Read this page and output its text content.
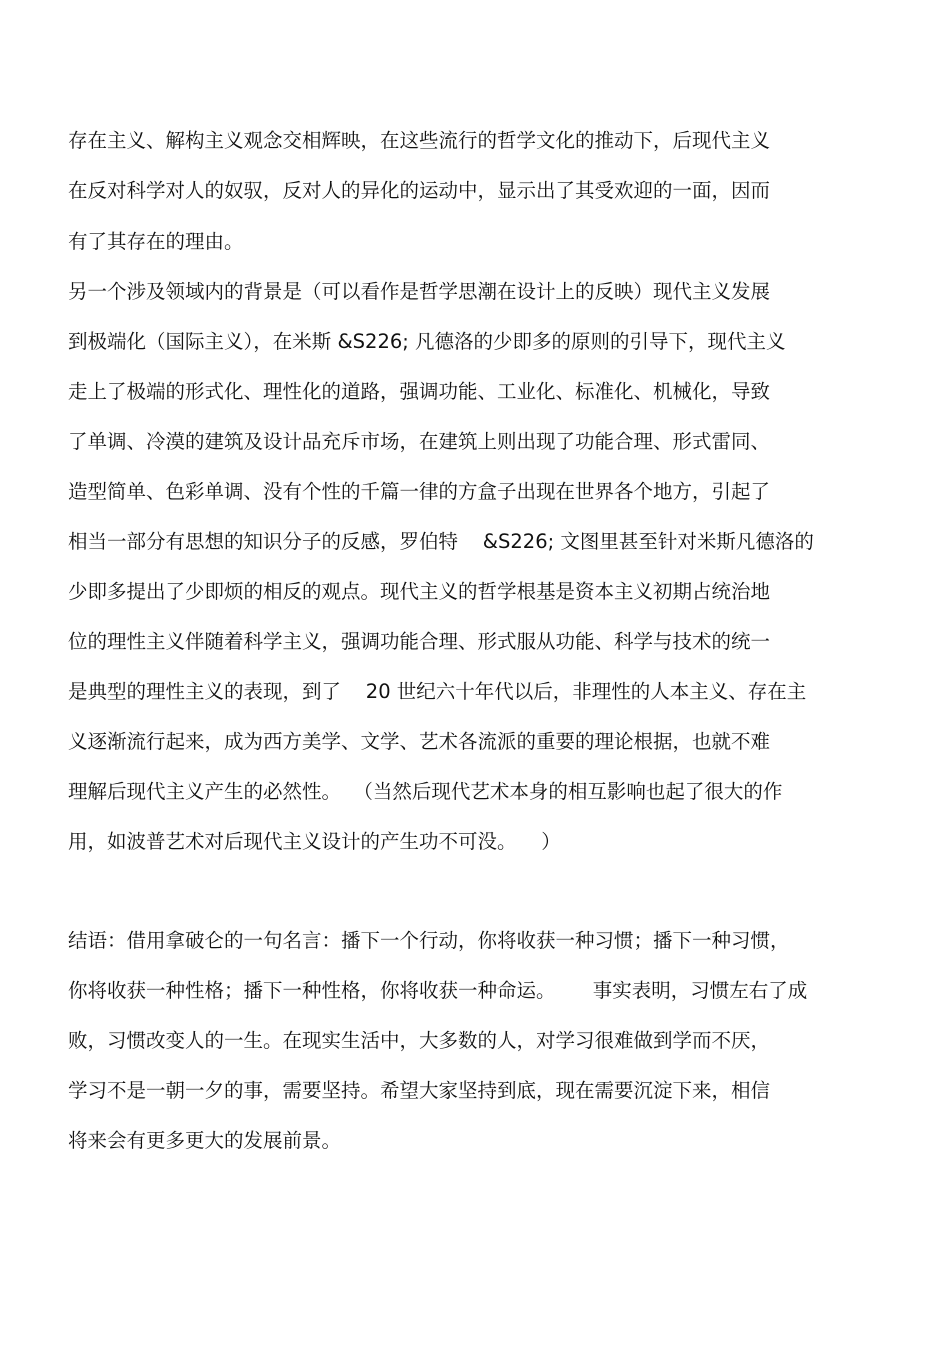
存在主义、解构主义观念交相辉映，在这些流行的哲学文化的推动下，后现代主义
在反对科学对人的奴驭，反对人的异化的运动中，显示出了其受欢迎的一面，因而
有了其存在的理由。
另一个涉及领域内的背景是（可以看作是哲学思潮在设计上的反映）现代主义发展
到极端化（国际主义），在米斯 &S226; 凡德洛的少即多的原则的引导下，现代主义
走上了极端的形式化、理性化的道路，强调功能、工业化、标准化、机械化，导致
了单调、冷漠的建筑及设计品充斥市场，在建筑上则出现了功能合理、形式雷同、
造型简单、色彩单调、没有个性的千篇一律的方盒子出现在世界各个地方，引起了
相当一部分有思想的知识分子的反感，罗伯特    &S226; 文图里甚至针对米斯凡德洛的
少即多提出了少即烦的相反的观点。现代主义的哲学根基是资本主义初期占统治地
位的理性主义伴随着科学主义，强调功能合理、形式服从功能、科学与技术的统一
是典型的理性主义的表现，到了    20 世纪六十年代以后，非理性的人本主义、存在主
义逐渐流行起来，成为西方美学、文学、艺术各流派的重要的理论根据，也就不难
理解后现代主义产生的必然性。  （当然后现代艺术本身的相互影响也起了很大的作
用，如波普艺术对后现代主义设计的产生功不可没。    ）
结语：借用拿破仑的一句名言：播下一个行动，你将收获一种习惯；播下一种习惯，
你将收获一种性格；播下一种性格，你将收获一种命运。      事实表明，习惯左右了成
败，习惯改变人的一生。在现实生活中，大多数的人，对学习很难做到学而不厌，
学习不是一朝一夕的事，需要坚持。希望大家坚持到底，现在需要沉淀下来，相信
将来会有更多更大的发展前景。
